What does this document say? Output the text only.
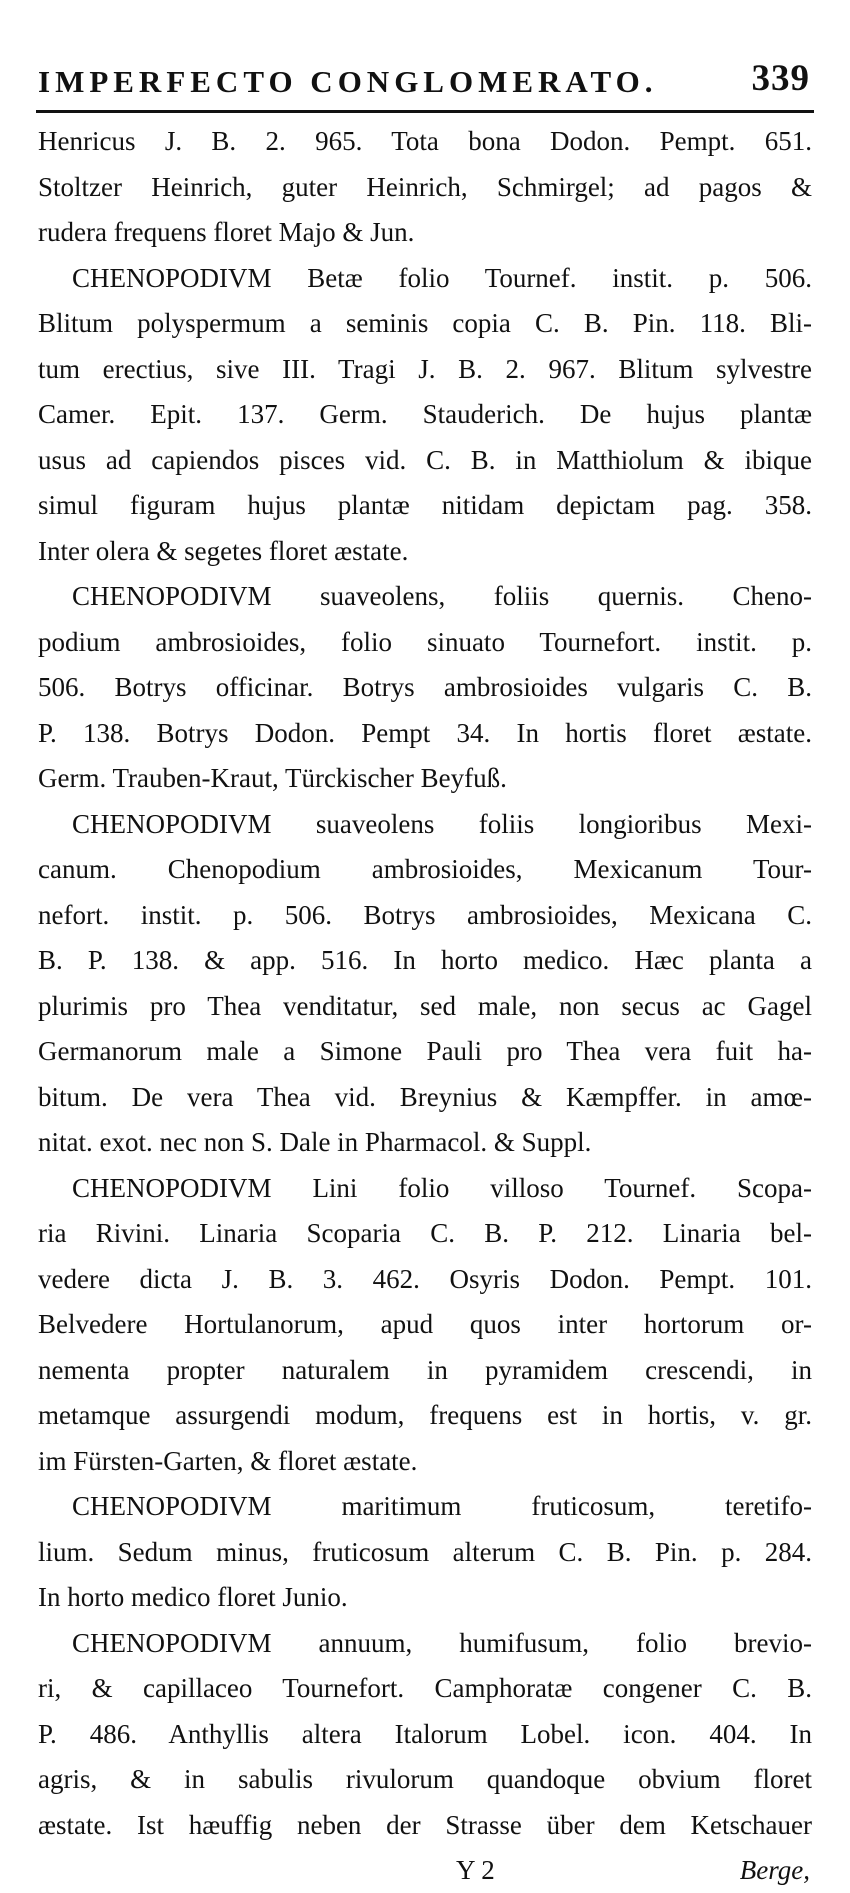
IMPERFECTO CONGLOMERATO.	339
Henricus J. B. 2. 965. Tota bona Dodon. Pempt. 651.
Stoltzer Heinrich, guter Heinrich, Schmirgel; ad pagos &
rudera frequens floret Majo & Jun.
CHENOPODIVM Betæ folio Tournef. instit. p. 506.
Blitum polyspermum a seminis copia C. B. Pin. 118. Bli-
tum erectius, sive III. Tragi J. B. 2. 967. Blitum sylvestre
Camer. Epit. 137. Germ. Stauderich. De hujus plantæ
usus ad capiendos pisces vid. C. B. in Matthiolum & ibique
simul figuram hujus plantæ nitidam depictam pag. 358.
Inter olera & segetes floret æstate.
CHENOPODIVM suaveolens, foliis quernis. Cheno-
podium ambrosioides, folio sinuato Tournefort. instit. p.
506. Botrys officinar. Botrys ambrosioides vulgaris C. B.
P. 138. Botrys Dodon. Pempt 34. In hortis floret æstate.
Germ. Trauben-Kraut, Türckischer Beyfuß.
CHENOPODIVM suaveolens foliis longioribus Mexi-
canum. Chenopodium ambrosioides, Mexicanum Tour-
nefort. instit. p. 506. Botrys ambrosioides, Mexicana C.
B. P. 138. & app. 516. In horto medico. Hæc planta a
plurimis pro Thea venditatur, sed male, non secus ac Gagel
Germanorum male a Simone Pauli pro Thea vera fuit ha-
bitum. De vera Thea vid. Breynius & Kæmpffer. in amœ-
nitat. exot. nec non S. Dale in Pharmacol. & Suppl.
CHENOPODIVM Lini folio villoso Tournef. Scopa-
ria Rivini. Linaria Scoparia C. B. P. 212. Linaria bel-
vedere dicta J. B. 3. 462. Osyris Dodon. Pempt. 101.
Belvedere Hortulanorum, apud quos inter hortorum or-
nementa propter naturalem in pyramidem crescendi, in
metamque assurgendi modum, frequens est in hortis, v. gr.
im Fürsten-Garten, & floret æstate.
CHENOPODIVM maritimum fruticosum, teretifo-
lium. Sedum minus, fruticosum alterum C. B. Pin. p. 284.
In horto medico floret Junio.
CHENOPODIVM annuum, humifusum, folio brevio-
ri, & capillaceo Tournefort. Camphoratæ congener C. B.
P. 486. Anthyllis altera Italorum Lobel. icon. 404. In
agris, & in sabulis rivulorum quandoque obvium floret
æstate. Ist hæuffig neben der Strasse über dem Ketschauer
Y 2	Berge,
